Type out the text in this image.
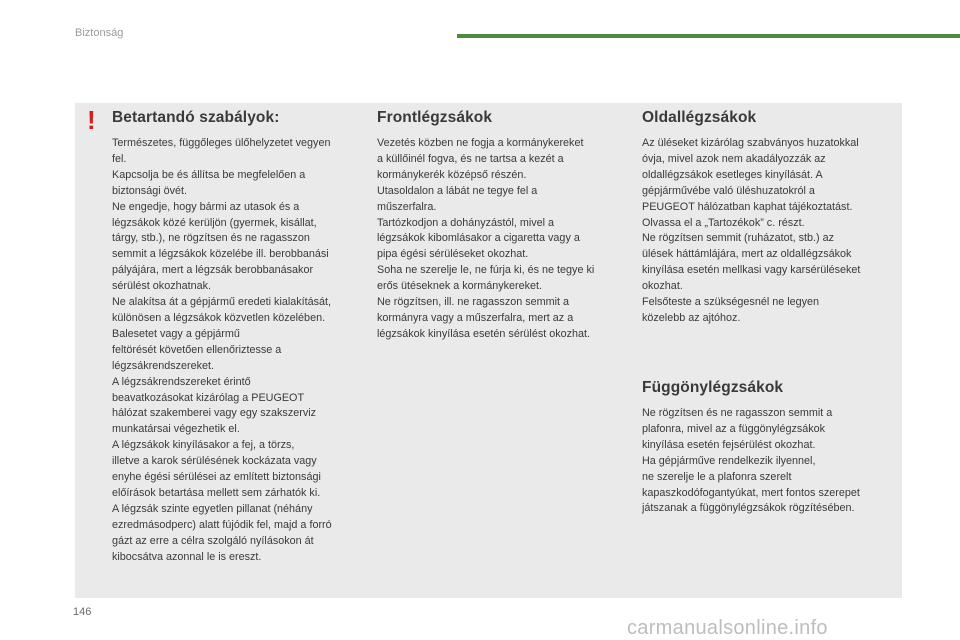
Biztonság
! Betartandó szabályok:
Természetes, függőleges ülőhelyzetet vegyen
fel.
Kapcsolja be és állítsa be megfelelően a
biztonsági övét.
Ne engedje, hogy bármi az utasok és a
légzsákok közé kerüljön (gyermek, kisállat,
tárgy, stb.), ne rögzítsen és ne ragasszon
semmit a légzsákok közelébe ill. berobbanási
pályájára, mert a légzsák berobbanásakor
sérülést okozhatnak.
Ne alakítsa át a gépjármű eredeti kialakítását,
különösen a légzsákok közvetlen közelében.
Balesetet vagy a gépjármű
feltörését követően ellenőriztesse a
légzsákrendszereket.
A légzsákrendszereket érintő
beavatkozásokat kizárólag a PEUGEOT
hálózat szakemberei vagy egy szakszerviz
munkatársai végezhetik el.
A légzsákok kinyílásakor a fej, a törzs,
illetve a karok sérülésének kockázata vagy
enyhe égési sérülései az említett biztonsági
előírások betartása mellett sem zárhatók ki.
A légzsák szinte egyetlen pillanat (néhány
ezredmásodperc) alatt fújódik fel, majd a forró
gázt az erre a célra szolgáló nyílásokon át
kibocsátva azonnal le is ereszt.
Frontlégzsákok
Vezetés közben ne fogja a kormánykereket
a küllőinél fogva, és ne tartsa a kezét a
kormánykerék középső részén.
Utasoldalon a lábát ne tegye fel a
műszerfalra.
Tartózkodjon a dohányzástól, mivel a
légzsákok kibomlásakor a cigaretta vagy a
pipa égési sérüléseket okozhat.
Soha ne szerelje le, ne fúrja ki, és ne tegye ki
erős ütéseknek a kormánykereket.
Ne rögzítsen, ill. ne ragasszon semmit a
kormányra vagy a műszerfalra, mert az a
légzsákok kinyílása esetén sérülést okozhat.
Oldallégzsákok
Az üléseket kizárólag szabványos huzatokkal
óvja, mivel azok nem akadályozzák az
oldallégzsákok esetleges kinyílását. A
gépjárművébe való üléshuzatokról a
PEUGEOT hálózatban kaphat tájékoztatást.
Olvassa el a „Tartozékok” c. részt.
Ne rögzítsen semmit (ruházatot, stb.) az
ülések háttámlájára, mert az oldallégzsákok
kinyílása esetén mellkasi vagy karsérüléseket
okozhat.
Felsőteste a szükségesnél ne legyen
közelebb az ajtóhoz.
Függönylégzsákok
Ne rögzítsen és ne ragasszon semmit a
plafonra, mivel az a függönylégzsákok
kinyílása esetén fejsérülést okozhat.
Ha gépjárműve rendelkezik ilyennel,
ne szerelje le a plafonra szerelt
kapaszkodófogantyúkat, mert fontos szerepet
játszanak a függönylégzsákok rögzítésében.
146
carmanualsonline.info
